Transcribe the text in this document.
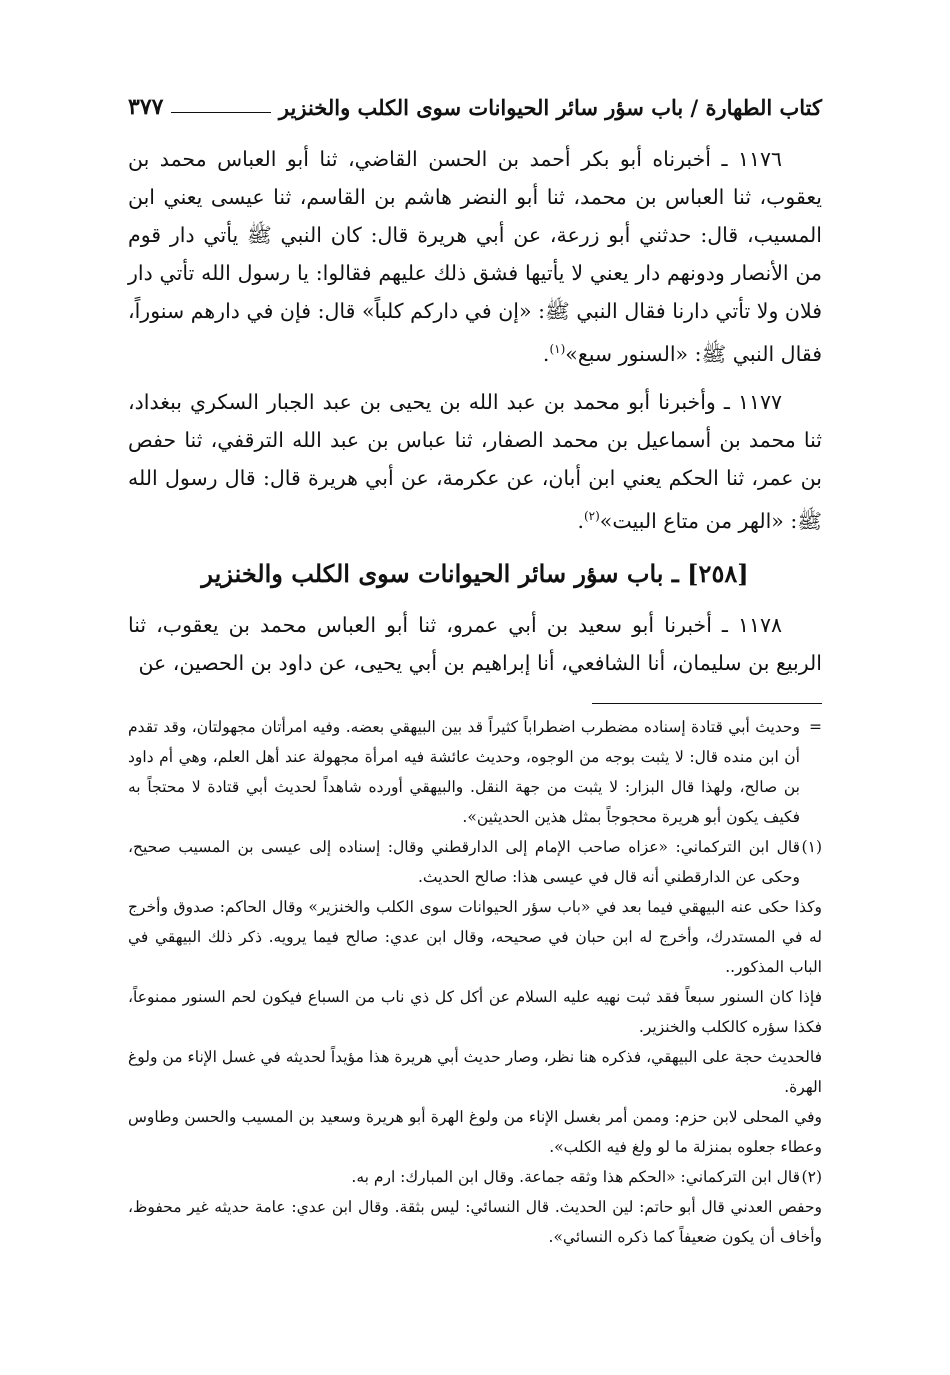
كتاب الطهارة / باب سؤر سائر الحيوانات سوى الكلب والخنزير
٣٧٧

١١٧٦ ـ أخبرناه أبو بكر أحمد بن الحسن القاضي، ثنا أبو العباس محمد بن يعقوب، ثنا العباس بن محمد، ثنا أبو النضر هاشم بن القاسم، ثنا عيسى يعني ابن المسيب، قال: حدثني أبو زرعة، عن أبي هريرة قال: كان النبي ﷺ يأتي دار قوم من الأنصار ودونهم دار يعني لا يأتيها فشق ذلك عليهم فقالوا: يا رسول الله تأتي دار فلان ولا تأتي دارنا فقال النبي ﷺ: «إن في داركم كلباً» قال: فإن في دارهم سنوراً، فقال النبي ﷺ: «السنور سبع»$^{(١)}$.

١١٧٧ ـ وأخبرنا أبو محمد بن عبد الله بن يحيى بن عبد الجبار السكري ببغداد، ثنا محمد بن أسماعيل بن محمد الصفار، ثنا عباس بن عبد الله الترقفي، ثنا حفص بن عمر، ثنا الحكم يعني ابن أبان، عن عكرمة، عن أبي هريرة قال: قال رسول الله ﷺ: «الهر من متاع البيت»$^{(٢)}$.

[٢٥٨] ـ باب سؤر سائر الحيوانات سوى الكلب والخنزير

١١٧٨ ـ أخبرنا أبو سعيد بن أبي عمرو، ثنا أبو العباس محمد بن يعقوب، ثنا الربيع بن سليمان، أنا الشافعي، أنا إبراهيم بن أبي يحيى، عن داود بن الحصين، عن

=وحديث أبي قتادة إسناده مضطرب اضطراباً كثيراً قد بين البيهقي بعضه. وفيه امرأتان مجهولتان، وقد تقدم أن ابن منده قال: لا يثبت بوجه من الوجوه، وحديث عائشة فيه امرأة مجهولة عند أهل العلم، وهي أم داود بن صالح، ولهذا قال البزار: لا يثبت من جهة النقل. والبيهقي أورده شاهداً لحديث أبي قتادة لا محتجاً به فكيف يكون أبو هريرة محجوجاً بمثل هذين الحديثين».

(١)قال ابن التركماني: «عزاه صاحب الإمام إلى الدارقطني وقال: إسناده إلى عيسى بن المسيب صحيح، وحكى عن الدارقطني أنه قال في عيسى هذا: صالح الحديث.

وكذا حكى عنه البيهقي فيما بعد في «باب سؤر الحيوانات سوى الكلب والخنزير» وقال الحاكم: صدوق وأخرج له في المستدرك، وأخرج له ابن حبان في صحيحه، وقال ابن عدي: صالح فيما يرويه. ذكر ذلك البيهقي في الباب المذكور..

فإذا كان السنور سبعاً فقد ثبت نهيه عليه السلام عن أكل كل ذي ناب من السباع فيكون لحم السنور ممنوعاً، فكذا سؤره كالكلب والخنزير.

فالحديث حجة على البيهقي، فذكره هنا نظر، وصار حديث أبي هريرة هذا مؤيداً لحديثه في غسل الإناء من ولوغ الهرة.

وفي المحلى لابن حزم: وممن أمر بغسل الإناء من ولوغ الهرة أبو هريرة وسعيد بن المسيب والحسن وطاوس وعطاء جعلوه بمنزلة ما لو ولغ فيه الكلب».

(٢)قال ابن التركماني: «الحكم هذا وثقه جماعة. وقال ابن المبارك: ارم به.

وحفص العدني قال أبو حاتم: لين الحديث. قال النسائي: ليس بثقة. وقال ابن عدي: عامة حديثه غير محفوظ، وأخاف أن يكون ضعيفاً كما ذكره النسائي».
